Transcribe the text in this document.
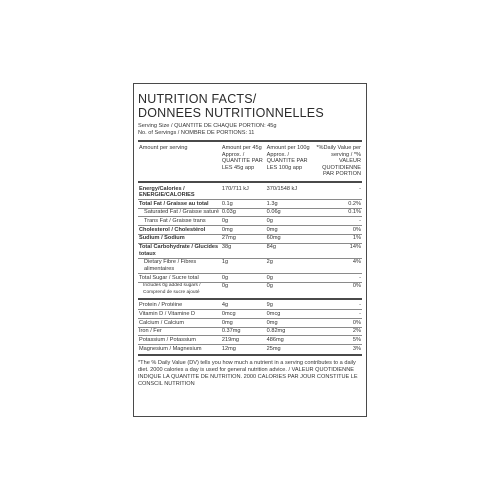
NUTRITION FACTS/
DONNEES NUTRITIONNELLES
Serving Size / QUANTITE DE CHAQUE PORTION: 45g
No. of Servings / NOMBRE DE PORTIONS: 11
Amount per serving	Amount per 45g Approx. / QUANTITE PAR LES 45g app	Amount per 100g Approx. / QUANTITE PAR LES 100g app	*%Daily Value per serving / *% VALEUR QUOTIDIENNE PAR PORTION
Energy/Calories / ENERGIE/CALORIES	170/711 kJ	370/1548 kJ	-
Total Fat / Graisse au total	0.1g	1.3g	0.2%
Saturated Fat / Graisse saturé	0.03g	0.06g	0.1%
Trans Fat / Graisse trans	0g	0g	-
Cholesterol / Cholestérol	0mg	0mg	0%
Sudium / Sodium	27mg	60mg	1%
Total Carbohydrate / Glucides totaux	38g	84g	14%
Dietary Fibre / Fibres alimentaires	1g	2g	4%
Total Sugar / Sucre total	0g	0g	-
Includes 0g added sugars / Comprend de sucre ajouté	0g	0g	0%
Protein / Protéine	4g	9g	-
Vitamin D / Vitamine D	0mcg	0mcg	-
Calcium / Calcium	0mg	0mg	0%
Iron / Fer	0.37mg	0.82mg	2%
Potassium / Potassium	219mg	486mg	5%
Magnesium / Magnesium	12mg	25mg	3%
*The % Daily Value (DV) tells you how much a nutrient in a serving contributes to a daily diet. 2000 calories a day is used for general nutrition advice. / VALEUR QUOTIDIENNE INDIQUE LA QUANTITE DE NUTRITION. 2000 CALORIES PAR JOUR CONSTITUE LE CONSCIL NUTRITION
